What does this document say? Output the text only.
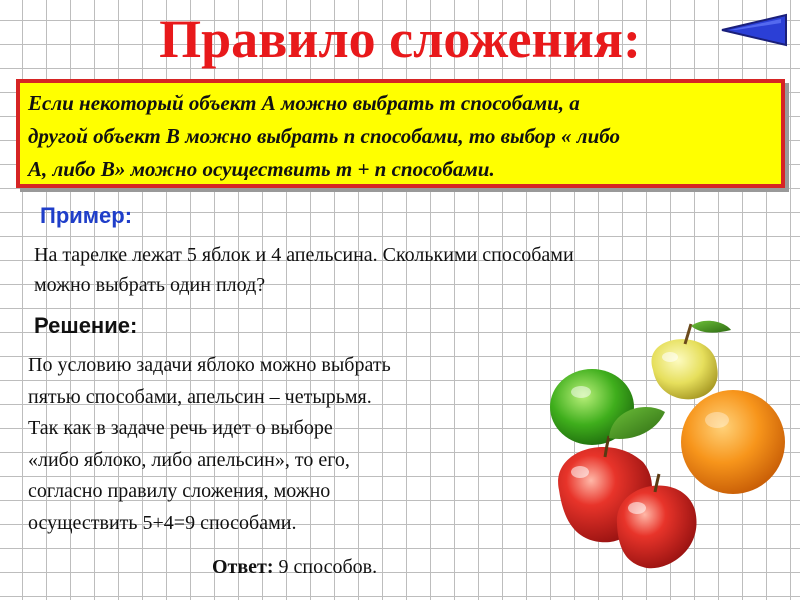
Правило сложения:

Если некоторый объект А можно выбрать m способами, а
другой объект В можно выбрать n способами, то выбор « либо
А, либо В» можно осуществить m + n способами.

Пример:

На тарелке лежат 5 яблок и 4 апельсина. Сколькими способами
можно выбрать один плод?

Решение:

По условию задачи яблоко можно выбрать
пятью способами, апельсин – четырьмя.
Так как в задаче речь идет о выборе
«либо яблоко, либо апельсин», то его,
согласно правилу сложения, можно
осуществить 5+4=9 способами.

Ответ: 9 способов.
